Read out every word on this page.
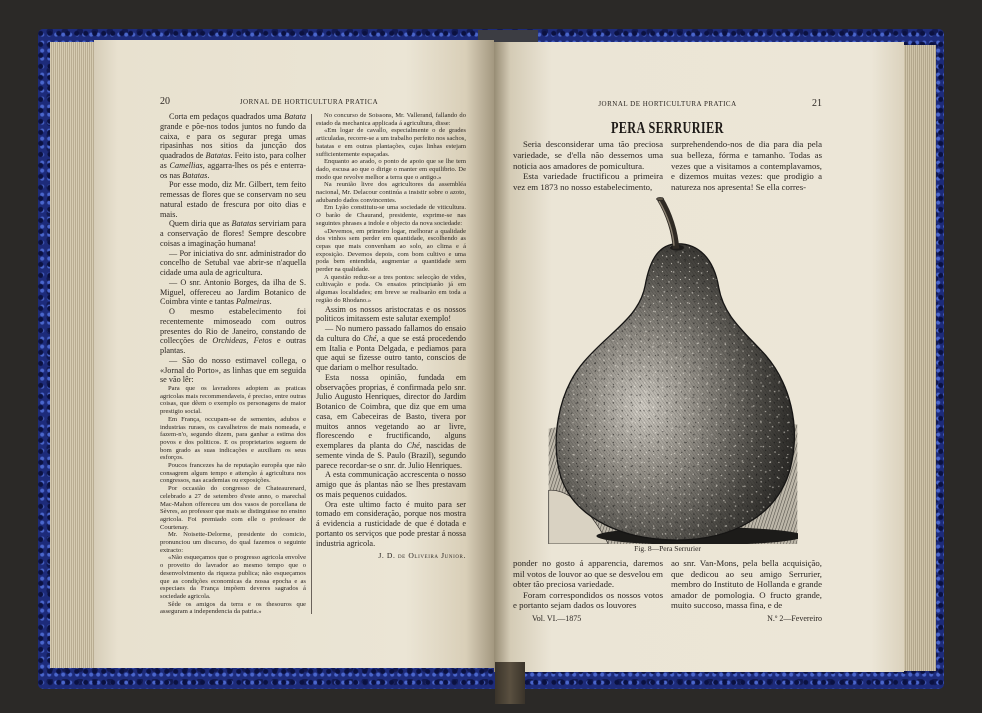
20	JORNAL DE HORTICULTURA PRATICA

Corta em pedaços quadrados uma Batata grande e põe-nos todos juntos no fundo da caixa, e para os segurar prega umas ripasinhas nos sitios da juncção dos quadrados de Batatas. Feito isto, para colher as Camellias, aggarra-lhes os pés e enterra-os nas Batatas.

Por esse modo, diz Mr. Gilbert, tem feito remessas de flores que se conservam no seu natural estado de frescura por oito dias e mais.

Quem diria que as Batatas serviriam para a conservação de flores! Sempre descobre coisas a imaginação humana!

— Por iniciativa do snr. administrador do concelho de Setubal vae abrir-se n'aquella cidade uma aula de agricultura.

— O snr. Antonio Borges, da ilha de S. Miguel, offereceu ao Jardim Botanico de Coimbra vinte e tantas Palmeiras.

O mesmo estabelecimento foi recentemente mimoseado com outros presentes do Rio de Janeiro, constando de collecções de Orchideas, Fetos e outras plantas.

— São do nosso estimavel collega, o «Jornal do Porto», as linhas que em seguida se vão lêr:

Para que os lavradores adoptem as praticas agricolas mais recommendaveis, é preciso, entre outras coisas, que dêem o exemplo os personagens de maior prestigio social.

Em França, occupam-se de sementes, adubos e industrias ruraes, os cavalheiros de mais nomeada, e fazem-n'o, segundo dizem, para ganhar a estima dos povos e dos politicos. E os proprietarios seguem de bom grado as suas indicações e auxiliam os seus esforços.

Poucos francezes ha de reputação europêa que não consagrem algum tempo e attenção á agricultura nos congressos, nas academias ou exposições.

Por occasião do congresso de Chateaurenard, celebrado a 27 de setembro d'este anno, o marechal Mac-Mahon offereceu um dos vasos de porcellana de Sèvres, ao professor que mais se distinguisse no ensino agricola. Foi premiado com elle o professor de Courtenay.

Mr. Noisette-Delorme, presidente do comicio, pronunciou um discurso, do qual fazemos o seguinte extracto:

«Não esqueçamos que o progresso agricola envolve o proveito do lavrador ao mesmo tempo que o desenvolvimento da riqueza publica; não esqueçamos que as condições economicas da nossa epocha e as especiaes da França impõem deveres sagrados á sociedade agricola.

Sêde os amigos da terra e os thesouros que asseguram a independencia da patria.»

No concurso de Soissons, Mr. Vallerand, fallando do estado da mechanica applicada á agricultura, disse:

«Em logar de cavallo, especialmente o de grades articuladas, recorre-se a um trabalho perfeito nos sachos, batatas e em outras plantações, cujas linhas estejam sufficientemente espaçadas.

Enquanto ao arado, o ponto de apoio que se lhe tem dado, escusa ao que o dirige o manter em equilibrio. De modo que revolve melhor a terra que o antigo.»

Na reunião livre dos agricultores da assembléa nacional, Mr. Delacour continúa a insistir sobre o azoto, adubando dados convincentes.

Em Lyão constituiu-se uma sociedade de viticultura. O barão de Chaurand, presidente, exprime-se nas seguintes phrases a indole e objecto da nova sociedade:

«Devemos, em primeiro logar, melhorar a qualidade dos vinhos sem perder em quantidade, escolhendo as cepas que mais convenham ao solo, ao clima e á exposição. Devemos depois, com bom cultivo e uma poda bem entendida, augmentar a quantidade sem perder na qualidade.

A questão reduz-se a tres pontos: selecção de vides, cultivação e poda. Os ensaios principiarão já em algumas localidades; em breve se realisarão em toda a região do Rhodano.»

Assim os nossos aristocratas e os nossos politicos imitassem este salutar exemplo!

— No numero passado fallamos do ensaio da cultura do Ché, a que se está procedendo em Italia e Ponta Delgada, e pediamos para que aqui se fizesse outro tanto, conscios de que dariam o melhor resultado.

Esta nossa opinião, fundada em observações proprias, é confirmada pelo snr. Julio Augusto Henriques, director do Jardim Botanico de Coimbra, que diz que em uma casa, em Cabeceiras de Basto, tivera por muitos annos vegetando ao ar livre, florescendo e fructificando, alguns exemplares da planta do Ché, nascidas de semente vinda de S. Paulo (Brazil), segundo parece recordar-se o snr. dr. Julio Henriques.

A esta communicação accrescenta o nosso amigo que ás plantas não se lhes prestavam os mais pequenos cuidados.

Ora este ultimo facto é muito para ser tomado em consideração, porque nos mostra á evidencia a rusticidade de que é dotada e portanto os serviços que pode prestar á nossa industria agricola.

J. D. de Oliveira Junior.
JORNAL DE HORTICULTURA PRATICA	21
PERA SERRURIER

Seria desconsiderar uma tão preciosa variedade, se d'ella não dessemos uma noticia aos amadores de pomicultura.

Esta variedade fructificou a primeira vez em 1873 no nosso estabelecimento,

surprehendendo-nos de dia para dia pela sua belleza, fórma e tamanho. Todas as vezes que a visitamos a contemplavamos, e dizemos muitas vezes: que prodigio a natureza nos apresenta! Se ella corres-

Fig. 8—Pera Serrurier

ponder no gosto á apparencia, daremos mil votos de louvor ao que se desvelou em obter tão preciosa variedade.

Foram correspondidos os nossos votos e portanto sejam dados os louvores

ao snr. Van-Mons, pela bella acquisição, que dedicou ao seu amigo Serrurier, membro do Instituto de Hollanda e grande amador de pomologia. O fructo grande, muito succoso, massa fina, e de

Vol. VI.—1875	N.º 2—Fevereiro
